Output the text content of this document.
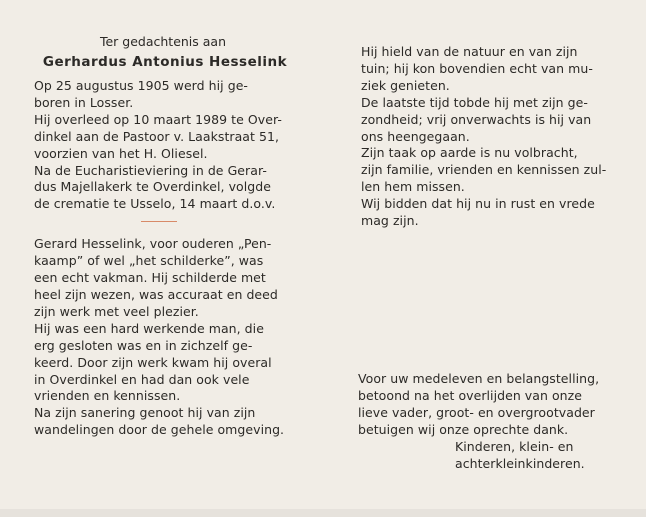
Ter gedachtenis aan
Gerhardus Antonius Hesselink
Op 25 augustus 1905 werd hij ge-
boren in Losser.
Hij overleed op 10 maart 1989 te Over-
dinkel aan de Pastoor v. Laakstraat 51,
voorzien van het H. Oliesel.
Na de Eucharistieviering in de Gerar-
dus Majellakerk te Overdinkel, volgde
de crematie te Usselo, 14 maart d.o.v.
Gerard Hesselink, voor ouderen „Pen-
kaamp” of wel „het schilderke”, was
een echt vakman. Hij schilderde met
heel zijn wezen, was accuraat en deed
zijn werk met veel plezier.
Hij was een hard werkende man, die
erg gesloten was en in zichzelf ge-
keerd. Door zijn werk kwam hij overal
in Overdinkel en had dan ook vele
vrienden en kennissen.
Na zijn sanering genoot hij van zijn
wandelingen door de gehele omgeving.
Hij hield van de natuur en van zijn
tuin; hij kon bovendien echt van mu-
ziek genieten.
De laatste tijd tobde hij met zijn ge-
zondheid; vrij onverwachts is hij van
ons heengegaan.
Zijn taak op aarde is nu volbracht,
zijn familie, vrienden en kennissen zul-
len hem missen.
Wij bidden dat hij nu in rust en vrede
mag zijn.
Voor uw medeleven en belangstelling,
betoond na het overlijden van onze
lieve vader, groot- en overgrootvader
betuigen wij onze oprechte dank.
Kinderen, klein- en
achterkleinkinderen.
